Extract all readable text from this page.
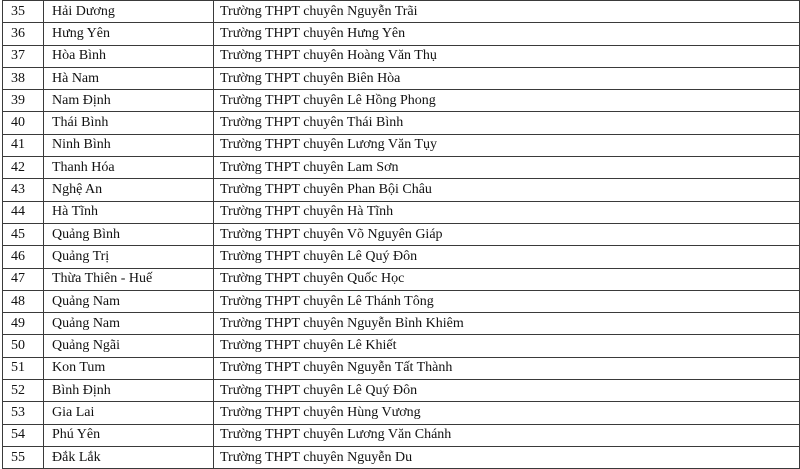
35	Hải Dương	Trường THPT chuyên Nguyễn Trãi
36	Hưng Yên	Trường THPT chuyên Hưng Yên
37	Hòa Bình	Trường THPT chuyên Hoàng Văn Thụ
38	Hà Nam	Trường THPT chuyên Biên Hòa
39	Nam Định	Trường THPT chuyên Lê Hồng Phong
40	Thái Bình	Trường THPT chuyên Thái Bình
41	Ninh Bình	Trường THPT chuyên Lương Văn Tụy
42	Thanh Hóa	Trường THPT chuyên Lam Sơn
43	Nghệ An	Trường THPT chuyên Phan Bội Châu
44	Hà Tĩnh	Trường THPT chuyên Hà Tĩnh
45	Quảng Bình	Trường THPT chuyên Võ Nguyên Giáp
46	Quảng Trị	Trường THPT chuyên Lê Quý Đôn
47	Thừa Thiên - Huế	Trường THPT chuyên Quốc Học
48	Quảng Nam	Trường THPT chuyên Lê Thánh Tông
49	Quảng Nam	Trường THPT chuyên Nguyễn Bỉnh Khiêm
50	Quảng Ngãi	Trường THPT chuyên Lê Khiết
51	Kon Tum	Trường THPT chuyên Nguyễn Tất Thành
52	Bình Định	Trường THPT chuyên Lê Quý Đôn
53	Gia Lai	Trường THPT chuyên Hùng Vương
54	Phú Yên	Trường THPT chuyên Lương Văn Chánh
55	Đắk Lắk	Trường THPT chuyên Nguyễn Du
